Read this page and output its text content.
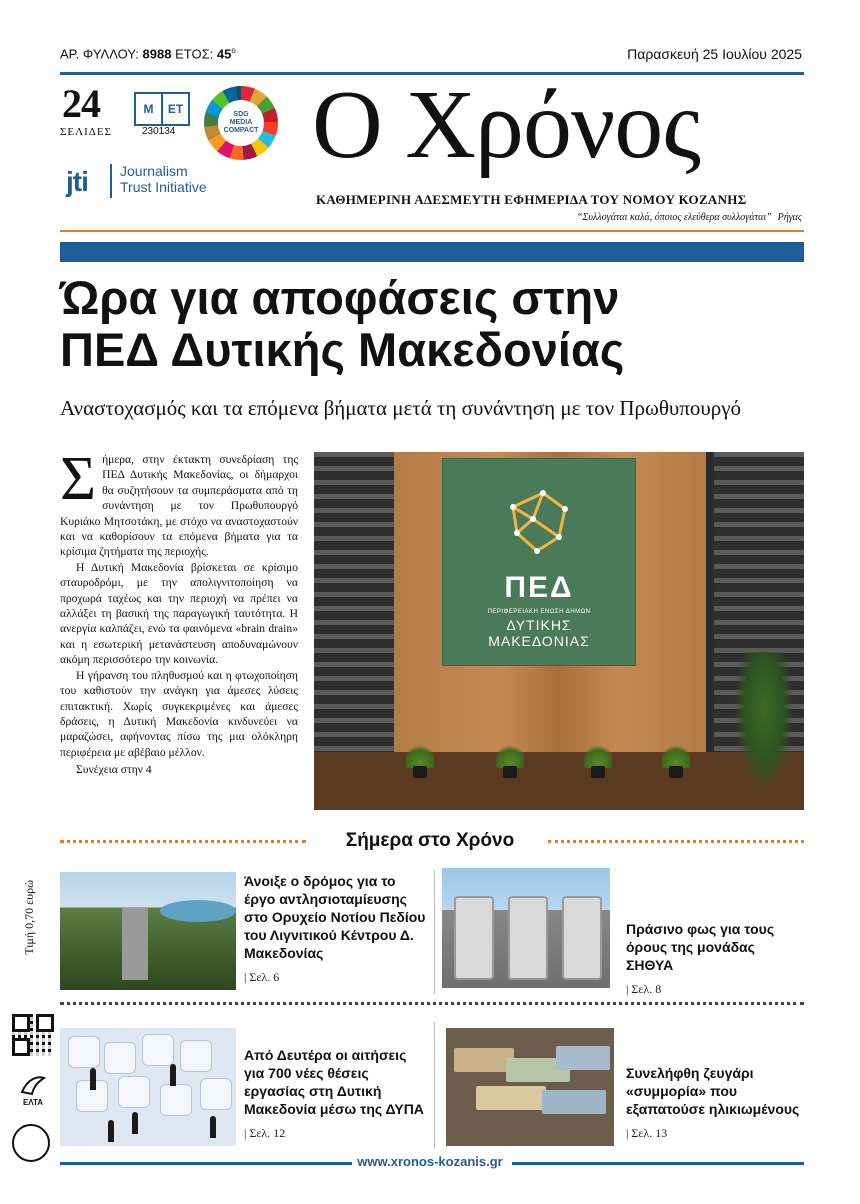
ΑΡ. ΦΥΛΛΟΥ: 8988 ΕΤΟΣ: $45^o$	Παρασκευή 25 Ιουλίου 2025
24
ΣΕΛΙΔΕΣ
Μ	ΕΤ
230134
SDG
MEDIA
COMPACT
jti Journalism
Trust Initiative
Ο Χρόνος
ΚΑΘΗΜΕΡΙΝΗ ΑΔΕΣΜΕΥΤΗ ΕΦΗΜΕΡΙΔΑ ΤΟΥ ΝΟΜΟΥ ΚΟΖΑΝΗΣ
“Συλλογάται καλά, όποιος ελεύθερα συλλογάται” Ρήγας
Ώρα για αποφάσεις στην
ΠΕΔ Δυτικής Μακεδονίας
Αναστοχασμός και τα επόμενα βήματα μετά τη συνάντηση με τον Πρωθυπουργό

Σήμερα, στην έκτακτη συνεδρίαση της ΠΕΔ Δυτικής Μακεδονίας, οι δήμαρχοι θα συζητήσουν τα συμπεράσματα από τη συνάντηση με τον Πρωθυπουργό Κυριάκο Μητσοτάκη, με στόχο να αναστοχαστούν και να καθορίσουν τα επόμενα βήματα για τα κρίσιμα ζητήματα της περιοχής.

Η Δυτική Μακεδονία βρίσκεται σε κρίσιμο σταυροδρόμι, με την απολιγνιτοποίηση να προχωρά ταχέως και την περιοχή να πρέπει να αλλάξει τη βασική της παραγωγική ταυτότητα. Η ανεργία καλπάζει, ενώ τα φαινόμενα «brain drain» και η εσωτερική μετανάστευση αποδυναμώνουν ακόμη περισσότερο την κοινωνία.

Η γήρανση του πληθυσμού και η φτωχοποίηση του καθιστούν την ανάγκη για άμεσες λύσεις επιτακτική. Χωρίς συγκεκριμένες και άμεσες δράσεις, η Δυτική Μακεδονία κινδυνεύει να μαραζώσει, αφήνοντας πίσω της μια ολόκληρη περιφέρεια με αβέβαιο μέλλον.

Συνέχεια στην 4

ΠΕΔ
ΠΕΡΙΦΕΡΕΙΑΚΗ ΕΝΩΣΗ ΔΗΜΩΝ
ΔΥΤΙΚΗΣ
ΜΑΚΕΔΟΝΙΑΣ
Σήμερα στο Χρόνο
Άνοιξε ο δρόμος για το έργο αντλησιοταμίευσης στο Ορυχείο Νοτίου Πεδίου του Λιγνιτικού Κέντρου Δ. Μακεδονίας
| Σελ. 6
Πράσινο φως για τους όρους της μονάδας ΣΗΘΥΑ
| Σελ. 8
Από Δευτέρα οι αιτήσεις για 700 νέες θέσεις εργασίας στη Δυτική Μακεδονία μέσω της ΔΥΠΑ
| Σελ. 12
Συνελήφθη ζευγάρι «συμμορία» που εξαπατούσε ηλικιωμένους
| Σελ. 13
Τιμή 0,70 ευρώ
ΕΛΤΑ
www.xronos-kozanis.gr
